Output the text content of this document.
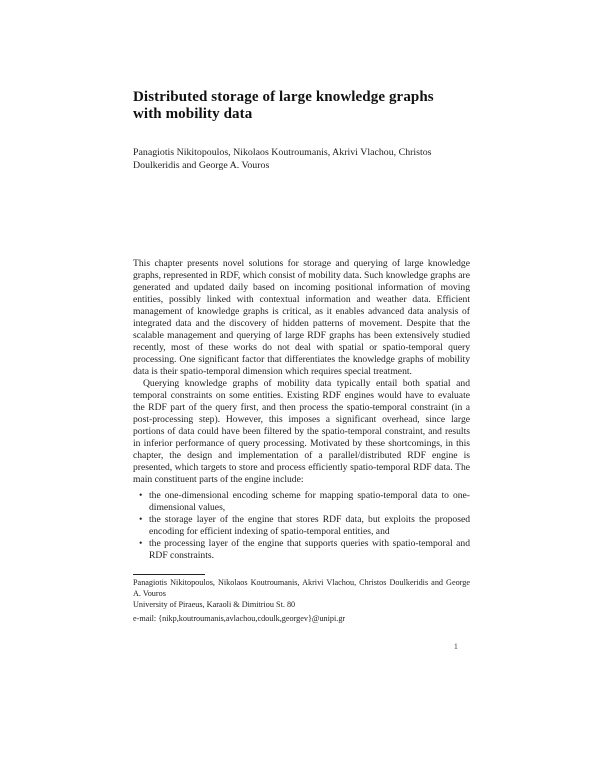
Distributed storage of large knowledge graphs
with mobility data
Panagiotis Nikitopoulos, Nikolaos Koutroumanis, Akrivi Vlachou, Christos Doulkeridis and George A. Vouros

This chapter presents novel solutions for storage and querying of large knowledge graphs, represented in RDF, which consist of mobility data. Such knowledge graphs are generated and updated daily based on incoming positional information of moving entities, possibly linked with contextual information and weather data. Efficient management of knowledge graphs is critical, as it enables advanced data analysis of integrated data and the discovery of hidden patterns of movement. Despite that the scalable management and querying of large RDF graphs has been extensively studied recently, most of these works do not deal with spatial or spatio-temporal query processing. One significant factor that differentiates the knowledge graphs of mobility data is their spatio-temporal dimension which requires special treatment.

Querying knowledge graphs of mobility data typically entail both spatial and temporal constraints on some entities. Existing RDF engines would have to evaluate the RDF part of the query first, and then process the spatio-temporal constraint (in a post-processing step). However, this imposes a significant overhead, since large portions of data could have been filtered by the spatio-temporal constraint, and results in inferior performance of query processing. Motivated by these shortcomings, in this chapter, the design and implementation of a parallel/distributed RDF engine is presented, which targets to store and process efficiently spatio-temporal RDF data. The main constituent parts of the engine include:

• the one-dimensional encoding scheme for mapping spatio-temporal data to one-dimensional values,
• the storage layer of the engine that stores RDF data, but exploits the proposed encoding for efficient indexing of spatio-temporal entities, and
• the processing layer of the engine that supports queries with spatio-temporal and RDF constraints.
Panagiotis Nikitopoulos, Nikolaos Koutroumanis, Akrivi Vlachou, Christos Doulkeridis and George A. Vouros
University of Piraeus, Karaoli & Dimitriou St. 80
e-mail: {nikp,koutroumanis,avlachou,cdoulk,georgev}@unipi.gr
1
